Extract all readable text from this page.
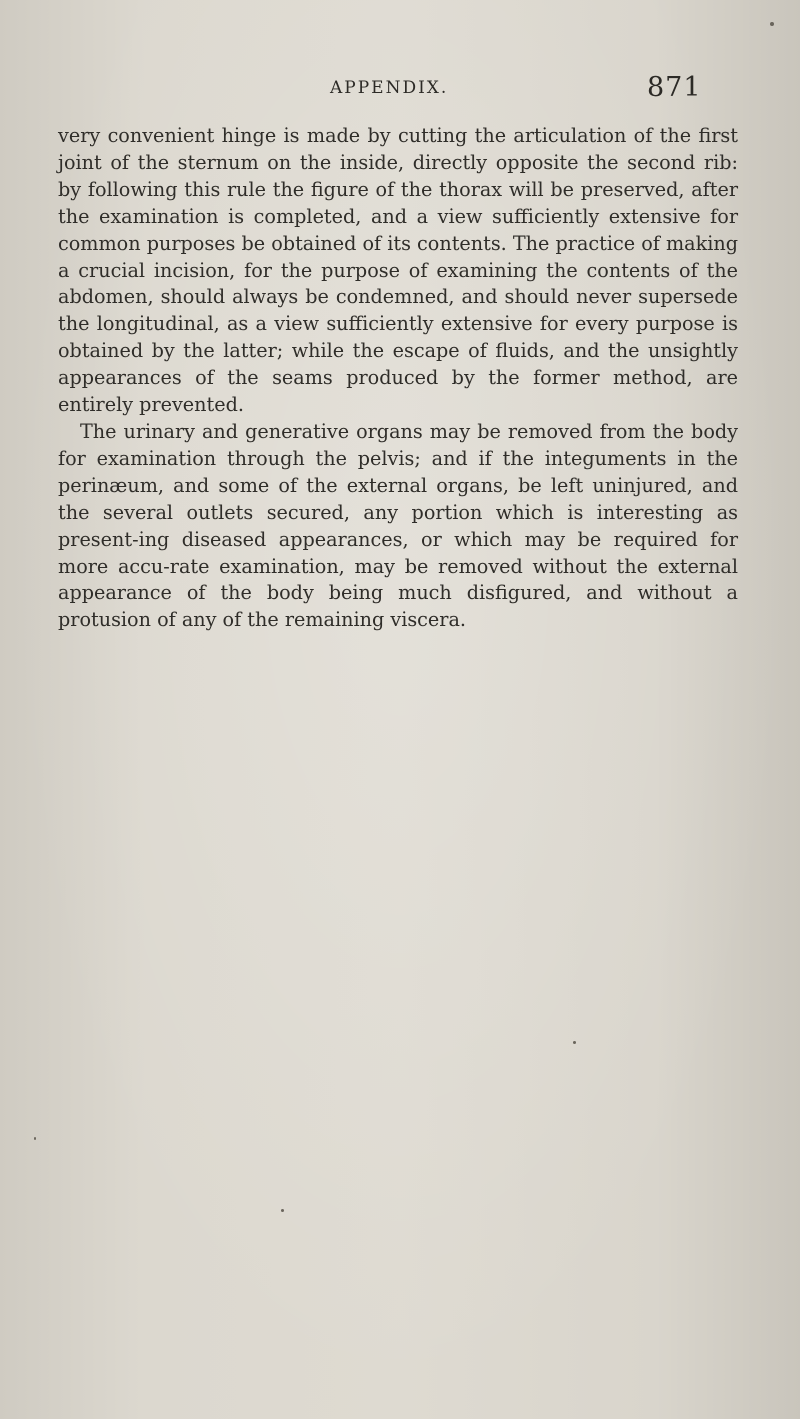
APPENDIX.	871

very convenient hinge is made by cutting the articulation of the first joint of the sternum on the inside, directly opposite the second rib: by following this rule the figure of the thorax will be preserved, after the examination is completed, and a view sufficiently extensive for common purposes be obtained of its contents. The practice of making a crucial incision, for the purpose of examining the contents of the abdomen, should always be condemned, and should never supersede the longitudinal, as a view sufficiently extensive for every purpose is obtained by the latter; while the escape of fluids, and the unsightly appearances of the seams produced by the former method, are entirely prevented.

The urinary and generative organs may be removed from the body for examination through the pelvis; and if the integuments in the perinæum, and some of the external organs, be left uninjured, and the several outlets secured, any portion which is interesting as present-ing diseased appearances, or which may be required for more accu-rate examination, may be removed without the external appearance of the body being much disfigured, and without a protusion of any of the remaining viscera.
